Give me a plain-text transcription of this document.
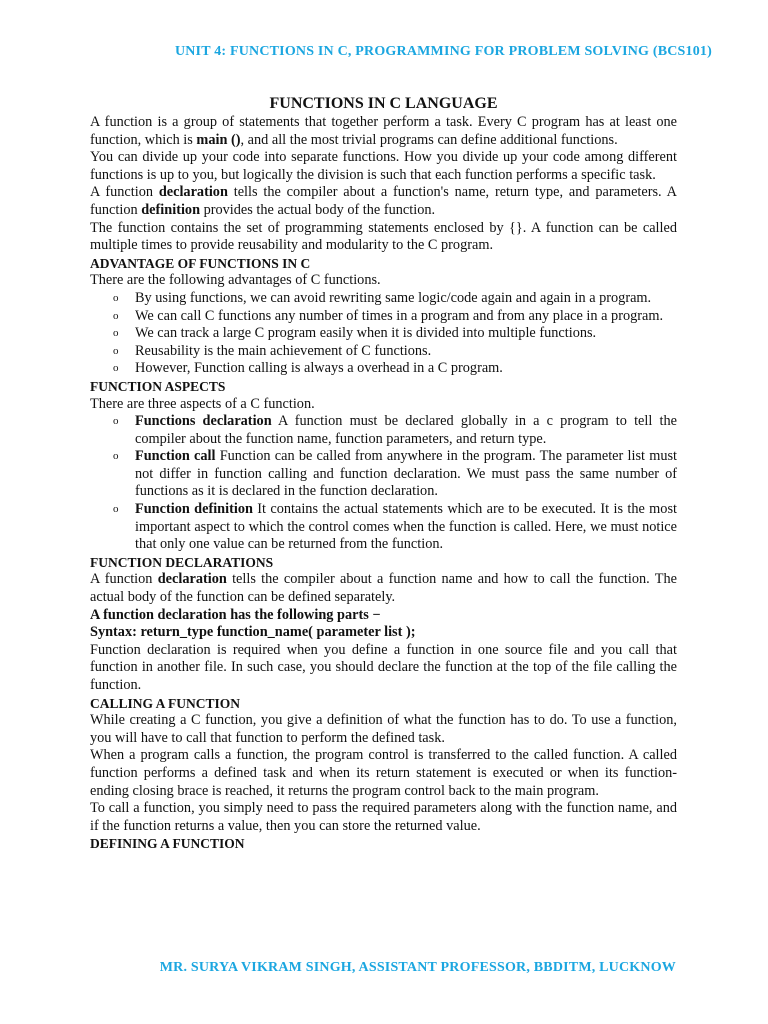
UNIT 4: FUNCTIONS IN C, PROGRAMMING FOR PROBLEM SOLVING (BCS101)
FUNCTIONS IN C LANGUAGE

A function is a group of statements that together perform a task. Every C program has at least one function, which is main (), and all the most trivial programs can define additional functions.

You can divide up your code into separate functions. How you divide up your code among different functions is up to you, but logically the division is such that each function performs a specific task.

A function declaration tells the compiler about a function's name, return type, and parameters. A function definition provides the actual body of the function.

The function contains the set of programming statements enclosed by {}. A function can be called multiple times to provide reusability and modularity to the C program.

ADVANTAGE OF FUNCTIONS IN C

There are the following advantages of C functions.

o By using functions, we can avoid rewriting same logic/code again and again in a program.
o We can call C functions any number of times in a program and from any place in a program.
o We can track a large C program easily when it is divided into multiple functions.
o Reusability is the main achievement of C functions.
o However, Function calling is always a overhead in a C program.
FUNCTION ASPECTS

There are three aspects of a C function.

o Functions declaration A function must be declared globally in a c program to tell the compiler about the function name, function parameters, and return type.
o Function call Function can be called from anywhere in the program. The parameter list must not differ in function calling and function declaration. We must pass the same number of functions as it is declared in the function declaration.
o Function definition It contains the actual statements which are to be executed. It is the most important aspect to which the control comes when the function is called. Here, we must notice that only one value can be returned from the function.
FUNCTION DECLARATIONS

A function declaration tells the compiler about a function name and how to call the function. The actual body of the function can be defined separately.

A function declaration has the following parts −

Syntax: return_type function_name( parameter list );

Function declaration is required when you define a function in one source file and you call that function in another file. In such case, you should declare the function at the top of the file calling the function.

CALLING A FUNCTION

While creating a C function, you give a definition of what the function has to do. To use a function, you will have to call that function to perform the defined task.

When a program calls a function, the program control is transferred to the called function. A called function performs a defined task and when its return statement is executed or when its function-ending closing brace is reached, it returns the program control back to the main program.

To call a function, you simply need to pass the required parameters along with the function name, and if the function returns a value, then you can store the returned value.

DEFINING A FUNCTION
MR. SURYA VIKRAM SINGH, ASSISTANT PROFESSOR, BBDITM, LUCKNOW
